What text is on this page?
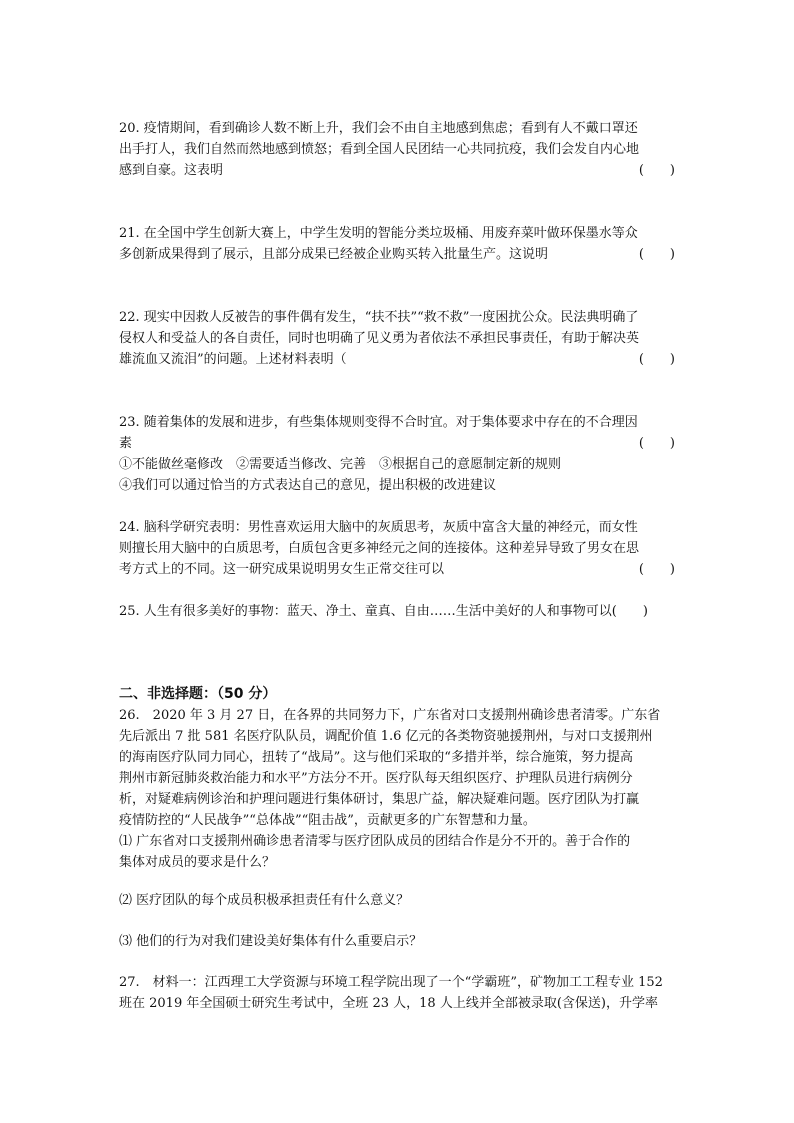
20. 疫情期间，看到确诊人数不断上升，我们会不由自主地感到焦虑；看到有人不戴口罩还
出手打人，我们自然而然地感到愤怒；看到全国人民团结一心共同抗疫，我们会发自内心地
感到自豪。这表明	(　　)
21. 在全国中学生创新大赛上，中学生发明的智能分类垃圾桶、用废弃菜叶做环保墨水等众
多创新成果得到了展示，且部分成果已经被企业购买转入批量生产。这说明	(　　)
22. 现实中因救人反被告的事件偶有发生，“扶不扶”“救不救”一度困扰公众。民法典明确了
侵权人和受益人的各自责任，同时也明确了见义勇为者依法不承担民事责任，有助于解决英
雄流血又流泪”的问题。上述材料表明（	(　　)
23. 随着集体的发展和进步，有些集体规则变得不合时宜。对于集体要求中存在的不合理因
素	(　　)
①不能做丝毫修改　②需要适当修改、完善　③根据自己的意愿制定新的规则
④我们可以通过恰当的方式表达自己的意见，提出积极的改进建议
24. 脑科学研究表明：男性喜欢运用大脑中的灰质思考，灰质中富含大量的神经元，而女性
则擅长用大脑中的白质思考，白质包含更多神经元之间的连接体。这种差异导致了男女在思
考方式上的不同。这一研究成果说明男女生正常交往可以	(　　)
25. 人生有很多美好的事物：蓝天、净土、童真、自由……生活中美好的人和事物可以(　　)
二、非选择题：（50 分）
26.　2020 年 3 月 27 日，在各界的共同努力下，广东省对口支援荆州确诊患者清零。广东省
先后派出 7 批 581 名医疗队队员，调配价值 1.6 亿元的各类物资驰援荆州，与对口支援荆州
的海南医疗队同力同心，扭转了“战局”。这与他们采取的“多措并举，综合施策，努力提高
荆州市新冠肺炎救治能力和水平”方法分不开。医疗队每天组织医疗、护理队员进行病例分
析，对疑难病例诊治和护理问题进行集体研讨，集思广益，解决疑难问题。医疗团队为打赢
疫情防控的“人民战争”“总体战”“阻击战”，贡献更多的广东智慧和力量。
⑴ 广东省对口支援荆州确诊患者清零与医疗团队成员的团结合作是分不开的。善于合作的
集体对成员的要求是什么？
⑵ 医疗团队的每个成员积极承担责任有什么意义？
⑶ 他们的行为对我们建设美好集体有什么重要启示？
27.　材料一：江西理工大学资源与环境工程学院出现了一个“学霸班”，矿物加工工程专业 152
班在 2019 年全国硕士研究生考试中，全班 23 人，18 人上线并全部被录取(含保送)，升学率
